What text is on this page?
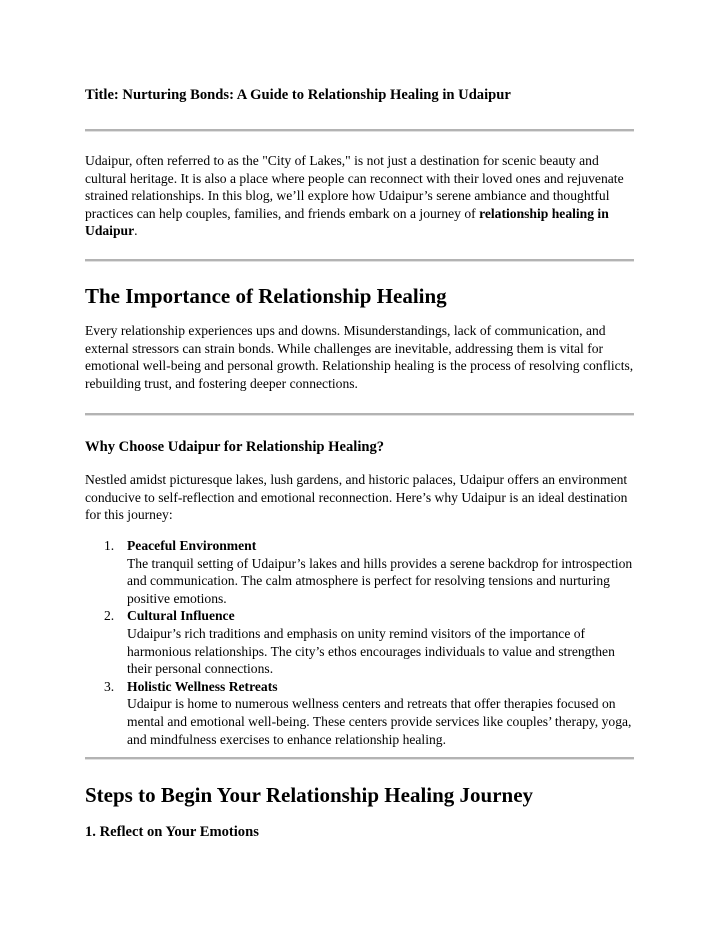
Title: Nurturing Bonds: A Guide to Relationship Healing in Udaipur

Udaipur, often referred to as the "City of Lakes," is not just a destination for scenic beauty and cultural heritage. It is also a place where people can reconnect with their loved ones and rejuvenate strained relationships. In this blog, we’ll explore how Udaipur’s serene ambiance and thoughtful practices can help couples, families, and friends embark on a journey of relationship healing in Udaipur.

The Importance of Relationship Healing

Every relationship experiences ups and downs. Misunderstandings, lack of communication, and external stressors can strain bonds. While challenges are inevitable, addressing them is vital for emotional well-being and personal growth. Relationship healing is the process of resolving conflicts, rebuilding trust, and fostering deeper connections.

Why Choose Udaipur for Relationship Healing?

Nestled amidst picturesque lakes, lush gardens, and historic palaces, Udaipur offers an environment conducive to self-reflection and emotional reconnection. Here’s why Udaipur is an ideal destination for this journey:

1. Peaceful Environment
The tranquil setting of Udaipur’s lakes and hills provides a serene backdrop for introspection and communication. The calm atmosphere is perfect for resolving tensions and nurturing positive emotions.
2. Cultural Influence
Udaipur’s rich traditions and emphasis on unity remind visitors of the importance of harmonious relationships. The city’s ethos encourages individuals to value and strengthen their personal connections.
3. Holistic Wellness Retreats
Udaipur is home to numerous wellness centers and retreats that offer therapies focused on mental and emotional well-being. These centers provide services like couples’ therapy, yoga, and mindfulness exercises to enhance relationship healing.
Steps to Begin Your Relationship Healing Journey
1. Reflect on Your Emotions
